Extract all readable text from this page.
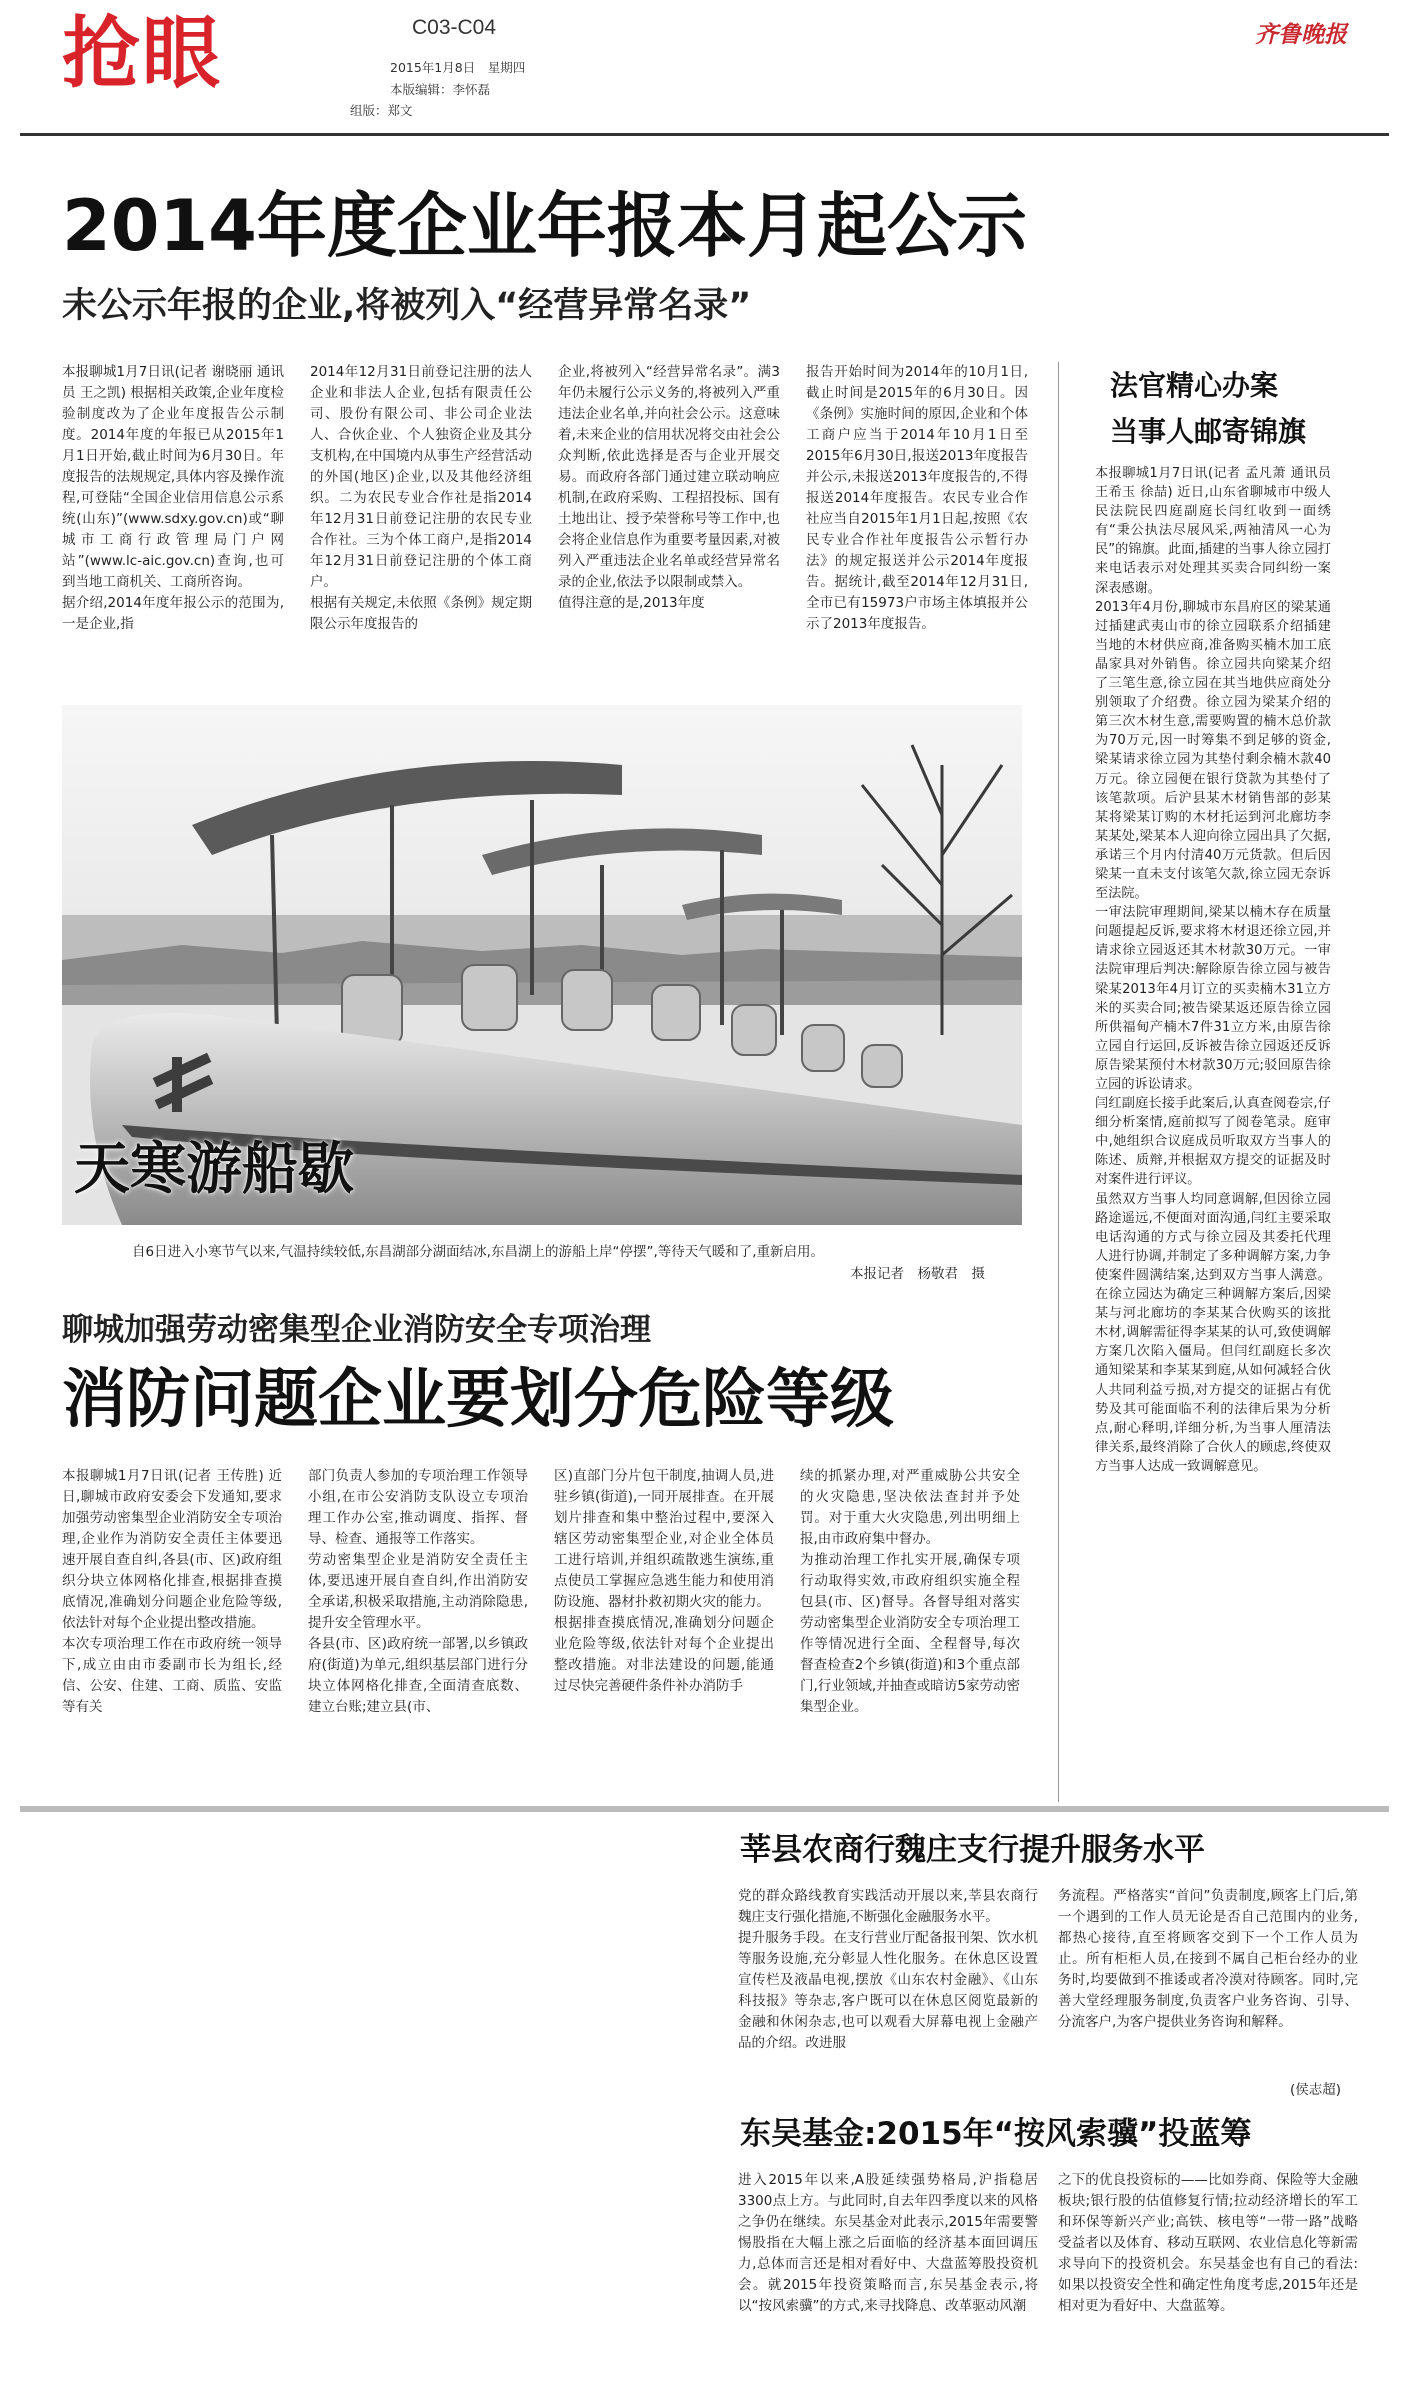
抢眼	C03-C04
2015年1月8日　星期四
本版编辑：李怀磊
组版：郑文
齐鲁晚报
2014年度企业年报本月起公示
未公示年报的企业,将被列入“经营异常名录”
本报聊城1月7日讯(记者 谢晓丽 通讯员 王之凯) 根据相关政策,企业年度检验制度改为了企业年度报告公示制度。2014年度的年报已从2015年1月1日开始,截止时间为6月30日。年度报告的法规规定,具体内容及操作流程,可登陆“全国企业信用信息公示系统(山东)”(www.sdxy.gov.cn)或“聊城市工商行政管理局门户网站”(www.lc-aic.gov.cn)查询,也可到当地工商机关、工商所咨询。
据介绍,2014年度年报公示的范围为,一是企业,指
2014年12月31日前登记注册的法人企业和非法人企业,包括有限责任公司、股份有限公司、非公司企业法人、合伙企业、个人独资企业及其分支机构,在中国境内从事生产经营活动的外国(地区)企业,以及其他经济组织。二为农民专业合作社是指2014年12月31日前登记注册的农民专业合作社。三为个体工商户,是指2014年12月31日前登记注册的个体工商户。
根据有关规定,未依照《条例》规定期限公示年度报告的
企业,将被列入“经营异常名录”。满3年仍未履行公示义务的,将被列入严重违法企业名单,并向社会公示。这意味着,未来企业的信用状况将交由社会公众判断,依此选择是否与企业开展交易。而政府各部门通过建立联动响应机制,在政府采购、工程招投标、国有土地出让、授予荣誉称号等工作中,也会将企业信息作为重要考量因素,对被列入严重违法企业名单或经营异常名录的企业,依法予以限制或禁入。
值得注意的是,2013年度
报告开始时间为2014年的10月1日,截止时间是2015年的6月30日。因《条例》实施时间的原因,企业和个体工商户应当于2014年10月1日至2015年6月30日,报送2013年度报告并公示,未报送2013年度报告的,不得报送2014年度报告。农民专业合作社应当自2015年1月1日起,按照《农民专业合作社年度报告公示暂行办法》的规定报送并公示2014年度报告。据统计,截至2014年12月31日,全市已有15973户市场主体填报并公示了2013年度报告。
天寒游船歇
自6日进入小寒节气以来,气温持续较低,东昌湖部分湖面结冰,东昌湖上的游船上岸“停摆”,等待天气暖和了,重新启用。
本报记者　杨敬君　摄
聊城加强劳动密集型企业消防安全专项治理
消防问题企业要划分危险等级
本报聊城1月7日讯(记者 王传胜) 近日,聊城市政府安委会下发通知,要求加强劳动密集型企业消防安全专项治理,企业作为消防安全责任主体要迅速开展自查自纠,各县(市、区)政府组织分块立体网格化排查,根据排查摸底情况,准确划分问题企业危险等级,依法针对每个企业提出整改措施。
本次专项治理工作在市政府统一领导下,成立由由市委副市长为组长,经信、公安、住建、工商、质监、安监等有关
部门负责人参加的专项治理工作领导小组,在市公安消防支队设立专项治理工作办公室,推动调度、指挥、督导、检查、通报等工作落实。
劳动密集型企业是消防安全责任主体,要迅速开展自查自纠,作出消防安全承诺,积极采取措施,主动消除隐患,提升安全管理水平。
各县(市、区)政府统一部署,以乡镇政府(街道)为单元,组织基层部门进行分块立体网格化排查,全面清查底数、建立台账;建立县(市、
区)直部门分片包干制度,抽调人员,进驻乡镇(街道),一同开展排查。在开展划片排查和集中整治过程中,要深入辖区劳动密集型企业,对企业全体员工进行培训,并组织疏散逃生演练,重点使员工掌握应急逃生能力和使用消防设施、器材扑救初期火灾的能力。
根据排查摸底情况,准确划分问题企业危险等级,依法针对每个企业提出整改措施。对非法建设的问题,能通过尽快完善硬件条件补办消防手
续的抓紧办理,对严重威胁公共安全的火灾隐患,坚决依法查封并予处罚。对于重大火灾隐患,列出明细上报,由市政府集中督办。
为推动治理工作扎实开展,确保专项行动取得实效,市政府组织实施全程包县(市、区)督导。各督导组对落实劳动密集型企业消防安全专项治理工作等情况进行全面、全程督导,每次督查检查2个乡镇(街道)和3个重点部门,行业领域,并抽查或暗访5家劳动密集型企业。
法官精心办案
当事人邮寄锦旗
本报聊城1月7日讯(记者 孟凡萧 通讯员 王希玉 徐喆) 近日,山东省聊城市中级人民法院民四庭副庭长闫红收到一面绣有“秉公执法尽展风采,两袖清风一心为民”的锦旗。此面,插建的当事人徐立园打来电话表示对处理其买卖合同纠纷一案深表感谢。
2013年4月份,聊城市东昌府区的梁某通过插建武夷山市的徐立园联系介绍插建当地的木材供应商,准备购买楠木加工底晶家具对外销售。徐立园共向梁某介绍了三笔生意,徐立园在其当地供应商处分别领取了介绍费。徐立园为梁某介绍的第三次木材生意,需要购置的楠木总价款为70万元,因一时筹集不到足够的资金,梁某请求徐立园为其垫付剩余楠木款40万元。徐立园便在银行贷款为其垫付了该笔款项。后沪县某木材销售部的彭某某将梁某订购的木材托运到河北廊坊李某某处,梁某本人迎向徐立园出具了欠据,承诺三个月内付清40万元货款。但后因梁某一直未支付该笔欠款,徐立园无奈诉至法院。
一审法院审理期间,梁某以楠木存在质量问题提起反诉,要求将木材退还徐立园,并请求徐立园返还其木材款30万元。一审法院审理后判决:解除原告徐立园与被告梁某2013年4月订立的买卖楠木31立方米的买卖合同;被告梁某返还原告徐立园所供福甸产楠木7件31立方米,由原告徐立园自行运回,反诉被告徐立园返还反诉原告梁某预付木材款30万元;驳回原告徐立园的诉讼请求。
闫红副庭长接手此案后,认真查阅卷宗,仔细分析案情,庭前拟写了阅卷笔录。庭审中,她组织合议庭成员听取双方当事人的陈述、质辩,并根据双方提交的证据及时对案件进行评议。
虽然双方当事人均同意调解,但因徐立园路途遥远,不便面对面沟通,闫红主要采取电话沟通的方式与徐立园及其委托代理人进行协调,并制定了多种调解方案,力争使案件圆满结案,达到双方当事人满意。在徐立园达为确定三种调解方案后,因梁某与河北廊坊的李某某合伙购买的该批木材,调解需征得李某某的认可,致使调解方案几次陷入僵局。但闫红副庭长多次通知梁某和李某某到庭,从如何减轻合伙人共同利益亏损,对方提交的证据占有优势及其可能面临不利的法律后果为分析点,耐心释明,详细分析,为当事人厘清法律关系,最终消除了合伙人的顾虑,终使双方当事人达成一致调解意见。
莘县农商行魏庄支行提升服务水平
党的群众路线教育实践活动开展以来,莘县农商行魏庄支行强化措施,不断强化金融服务水平。
提升服务手段。在支行营业厅配备报刊架、饮水机等服务设施,充分彰显人性化服务。在休息区设置宣传栏及液晶电视,摆放《山东农村金融》、《山东科技报》等杂志,客户既可以在休息区阅览最新的金融和休闲杂志,也可以观看大屏幕电视上金融产品的介绍。改进服
务流程。严格落实“首问”负责制度,顾客上门后,第一个遇到的工作人员无论是否自己范围内的业务,都热心接待,直至将顾客交到下一个工作人员为止。所有柜柜人员,在接到不属自己柜台经办的业务时,均要做到不推诿或者冷漠对待顾客。同时,完善大堂经理服务制度,负责客户业务咨询、引导、分流客户,为客户提供业务咨询和解释。
(侯志超)
东吴基金:2015年“按风索骥”投蓝筹
进入2015年以来,A股延续强势格局,沪指稳居3300点上方。与此同时,自去年四季度以来的风格之争仍在继续。东吴基金对此表示,2015年需要警惕股指在大幅上涨之后面临的经济基本面回调压力,总体而言还是相对看好中、大盘蓝筹股投资机会。就2015年投资策略而言,东吴基金表示,将以“按风索骥”的方式,来寻找降息、改革驱动风潮
之下的优良投资标的——比如券商、保险等大金融板块;银行股的估值修复行情;拉动经济增长的军工和环保等新兴产业;高铁、核电等“一带一路”战略受益者以及体育、移动互联网、农业信息化等新需求导向下的投资机会。东吴基金也有自己的看法:如果以投资安全性和确定性角度考虑,2015年还是相对更为看好中、大盘蓝筹。
